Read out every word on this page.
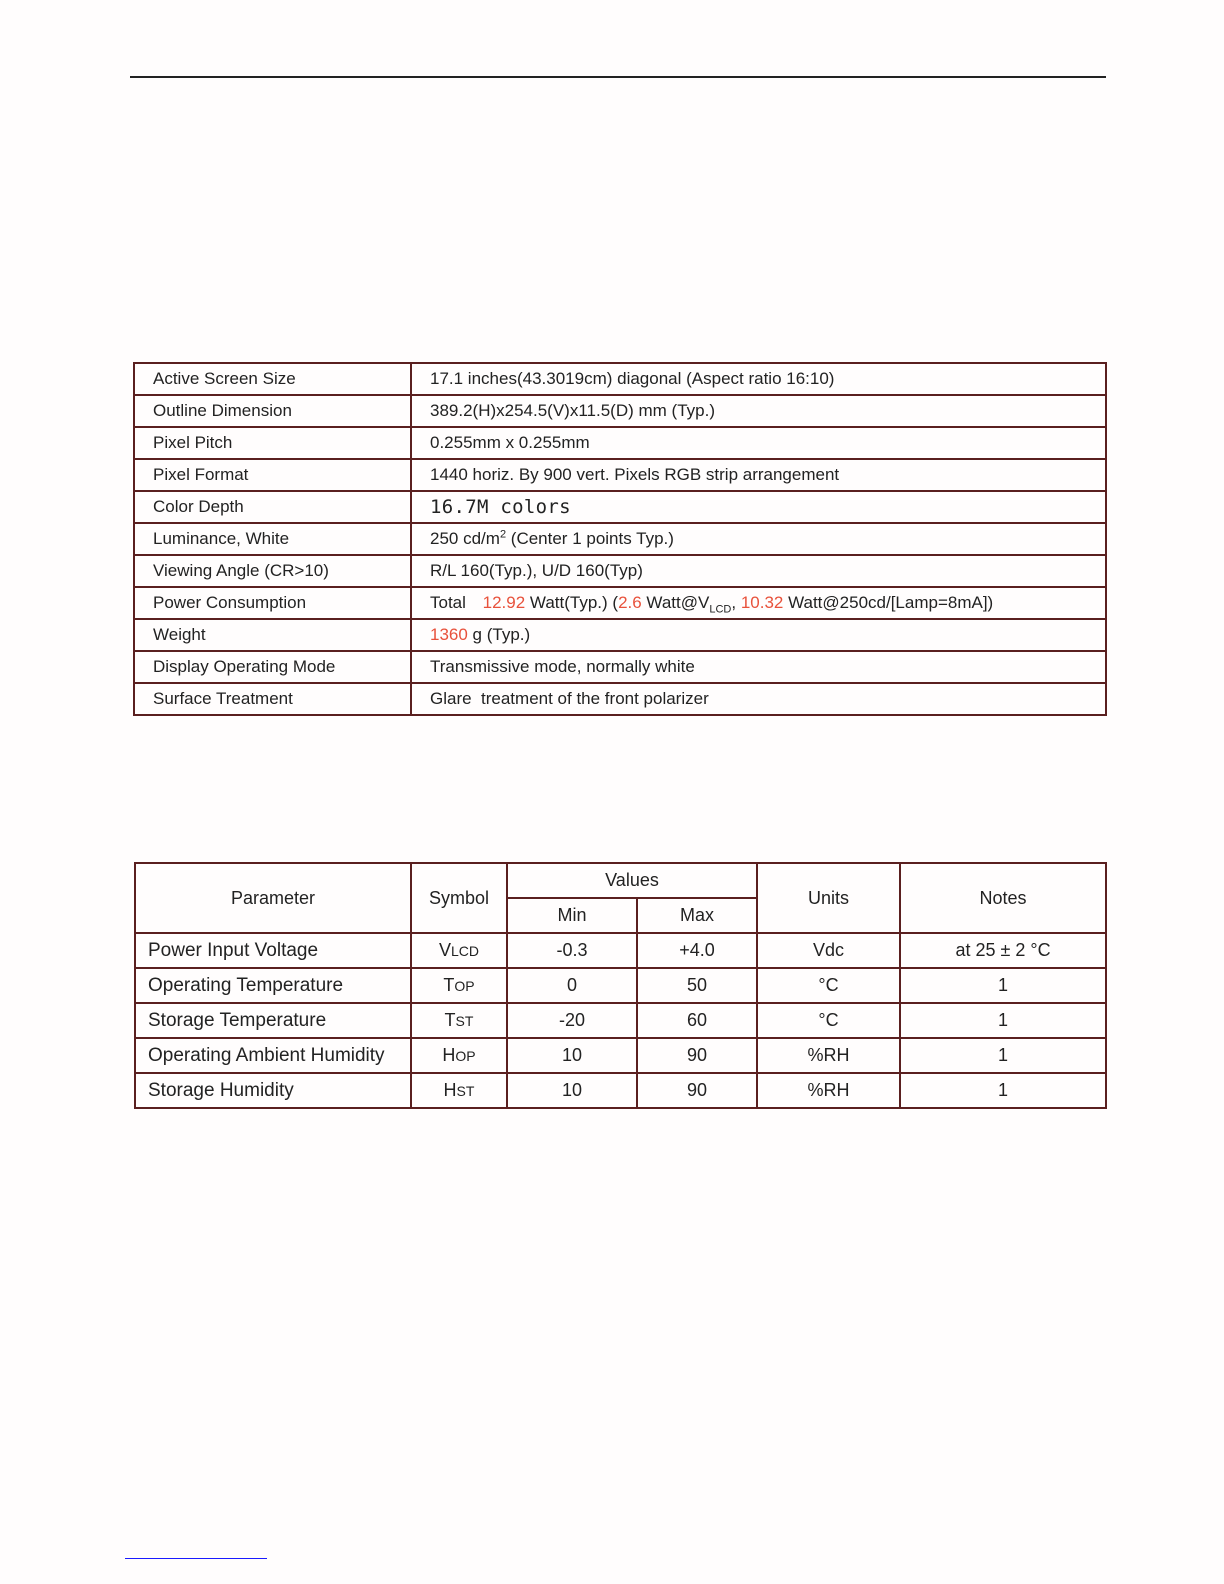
Active Screen Size	17.1 inches(43.3019cm) diagonal (Aspect ratio 16:10)
Outline Dimension	389.2(H)x254.5(V)x11.5(D) mm (Typ.)
Pixel Pitch	0.255mm x 0.255mm
Pixel Format	1440 horiz. By 900 vert. Pixels RGB strip arrangement
Color Depth	16.7M colors
Luminance, White	250 $cd/m^2$ (Center 1 points Typ.)
Viewing Angle (CR>10)	R/L 160(Typ.), U/D 160(Typ)
Power Consumption	Total 12.92 Watt(Typ.) (2.6 $Watt@V_{LCD}$, 10.32 Watt@250cd/[Lamp=8mA])
Weight	1360 g (Typ.)
Display Operating Mode	Transmissive mode, normally white
Surface Treatment	Glare  treatment of the front polarizer
Parameter	Symbol	Values		Units	Notes
		Min	Max		
Power Input Voltage	VLCD	-0.3	+4.0	Vdc	at 25 ± 2 °C
Operating Temperature	TOP	0	50	°C	1
Storage Temperature	TST	-20	60	°C	1
Operating Ambient Humidity	HOP	10	90	%RH	1
Storage Humidity	HST	10	90	%RH	1
